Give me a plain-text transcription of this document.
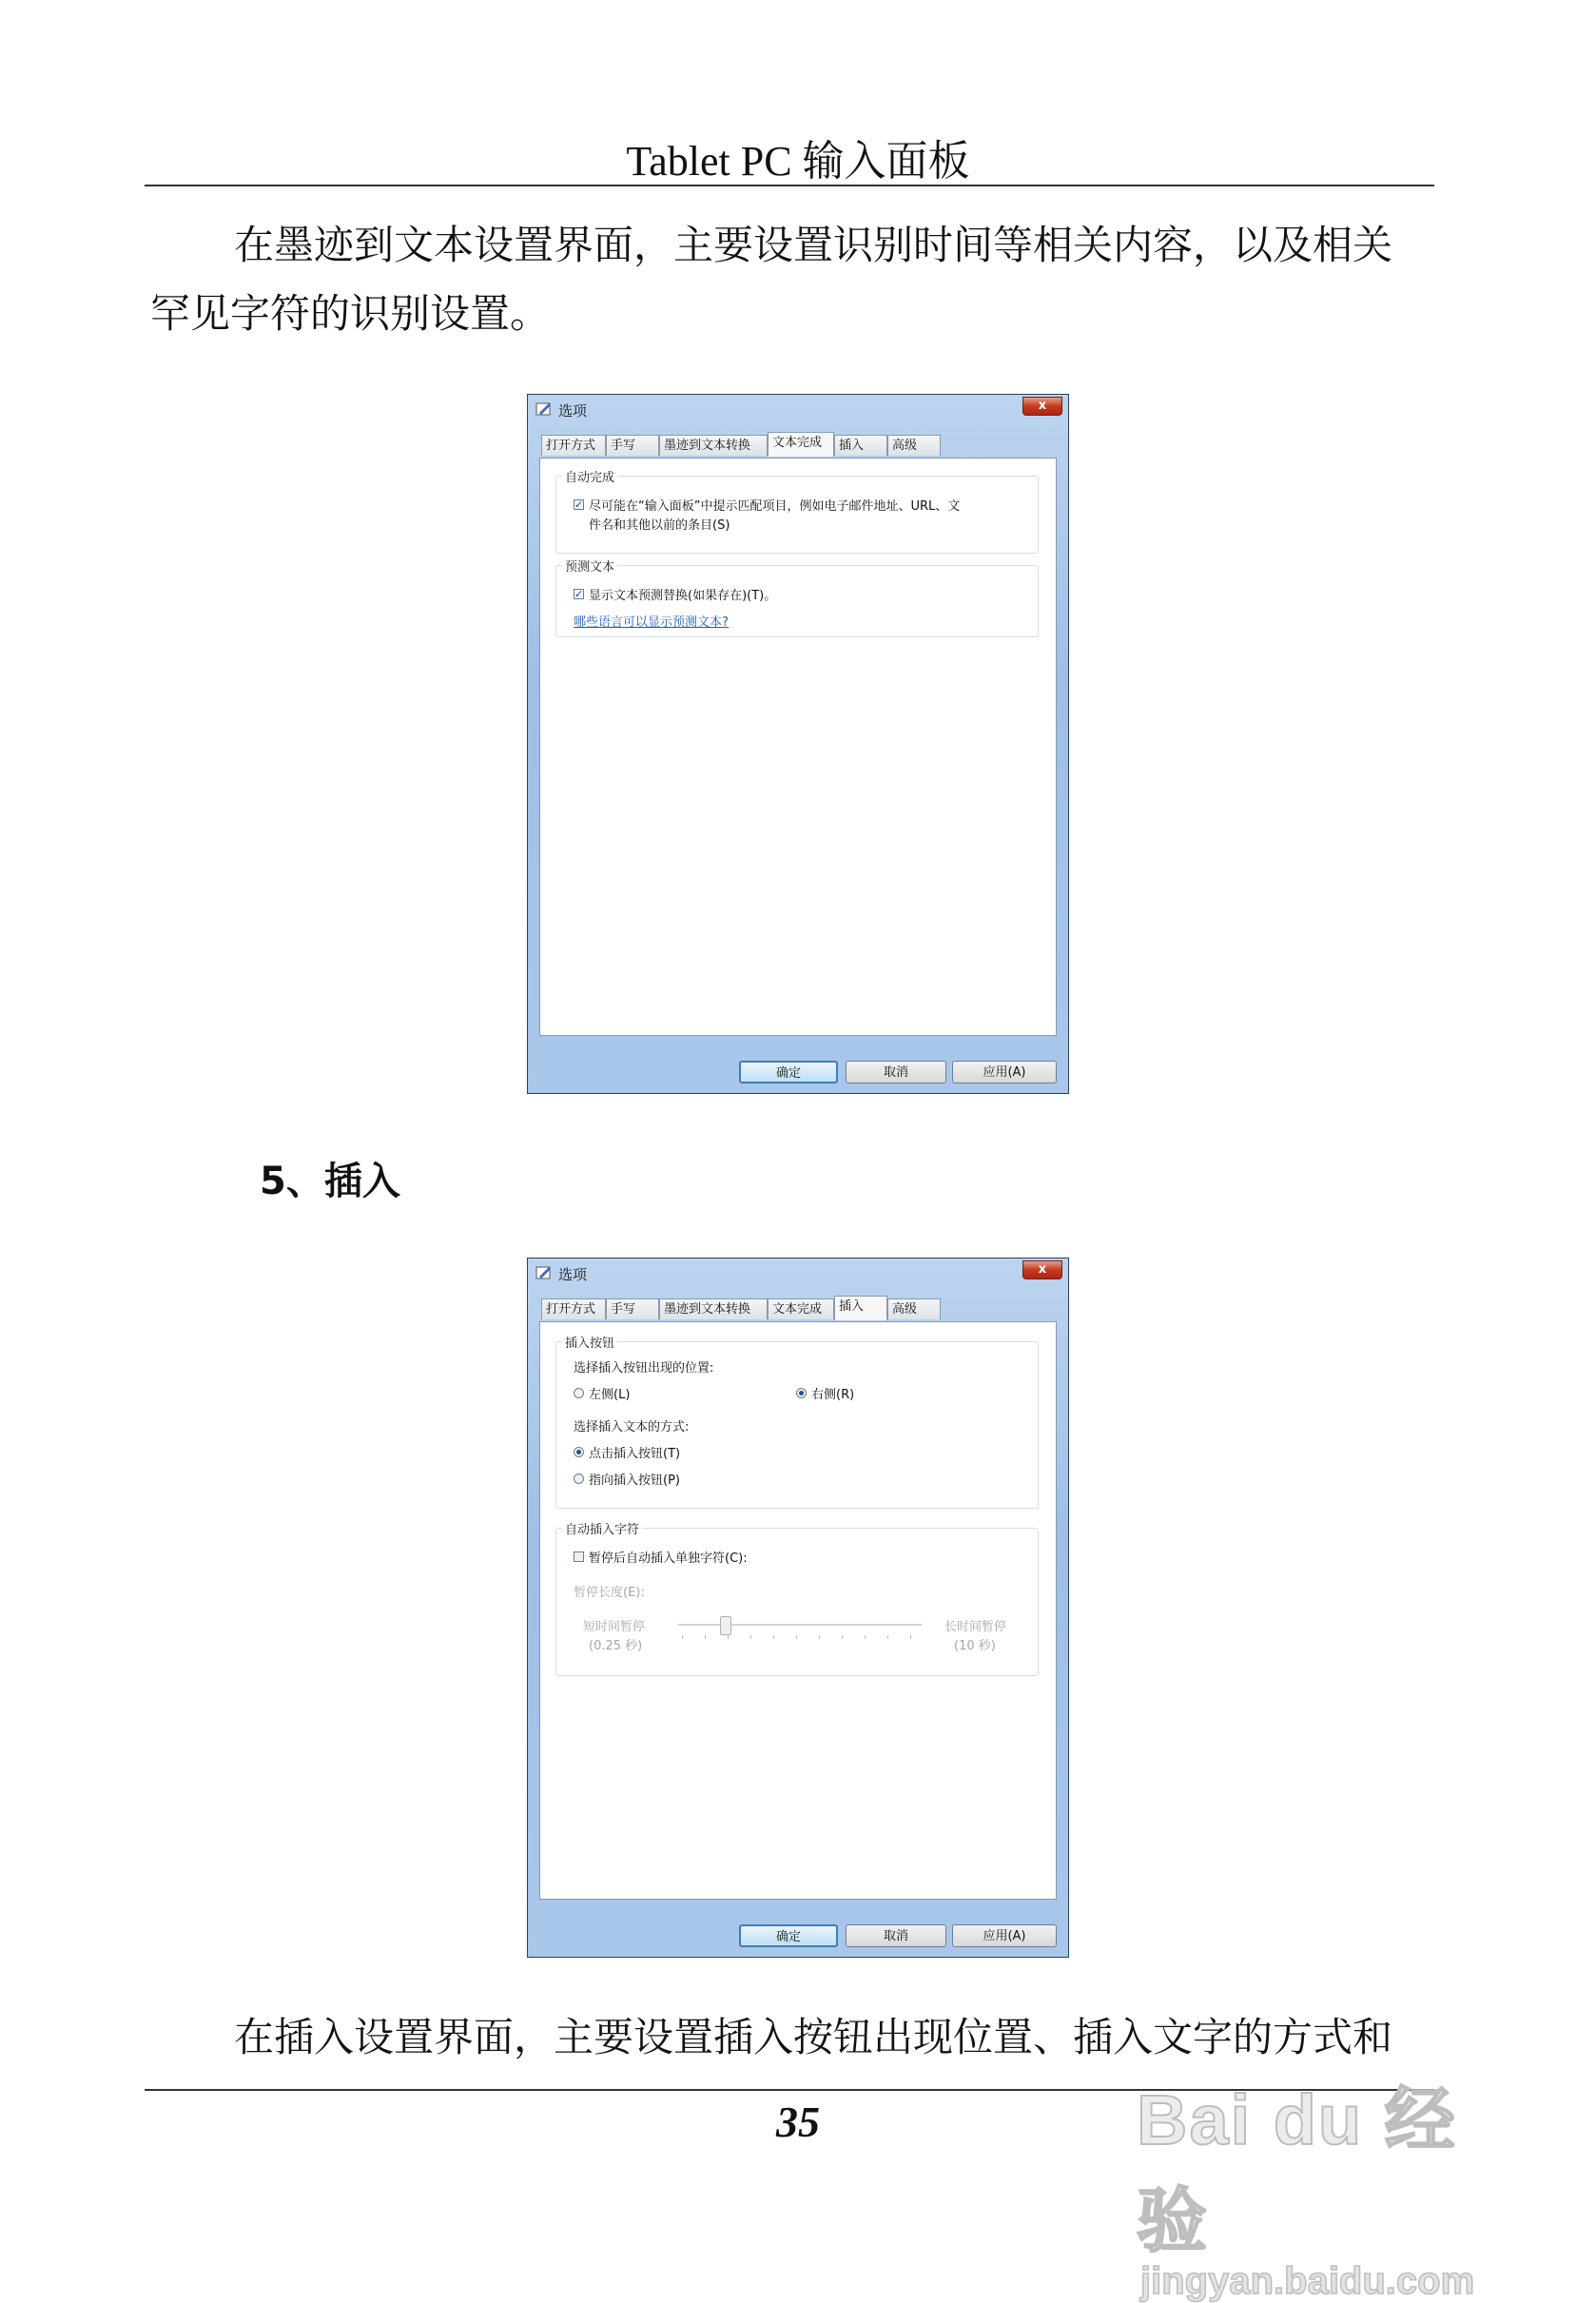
Tablet PC 输入面板
在墨迹到文本设置界面，主要设置识别时间等相关内容，以及相关
罕见字符的识别设置。
选项	x
打开方式	手写	墨迹到文本转换	文本完成	插入	高级
自动完成
✓ 尽可能在“输入面板”中提示匹配项目，例如电子邮件地址、URL、文
件名和其他以前的条目(S)
预测文本
✓ 显示文本预测替换(如果存在)(T)。
哪些语言可以显示预测文本?
确定	取消	应用(A)
5、插入
选项	x
打开方式	手写	墨迹到文本转换	文本完成	插入	高级
插入按钮
选择插入按钮出现的位置:
左侧(L)	右侧(R)
选择插入文本的方式:
点击插入按钮(T)
指向插入按钮(P)
自动插入字符
暂停后自动插入单独字符(C):
暂停长度(E):
短时间暂停
(0.25 秒)
长时间暂停
(10 秒)
确定	取消	应用(A)
在插入设置界面，主要设置插入按钮出现位置、插入文字的方式和
35	Bai du 经验
jingyan.baidu.com
